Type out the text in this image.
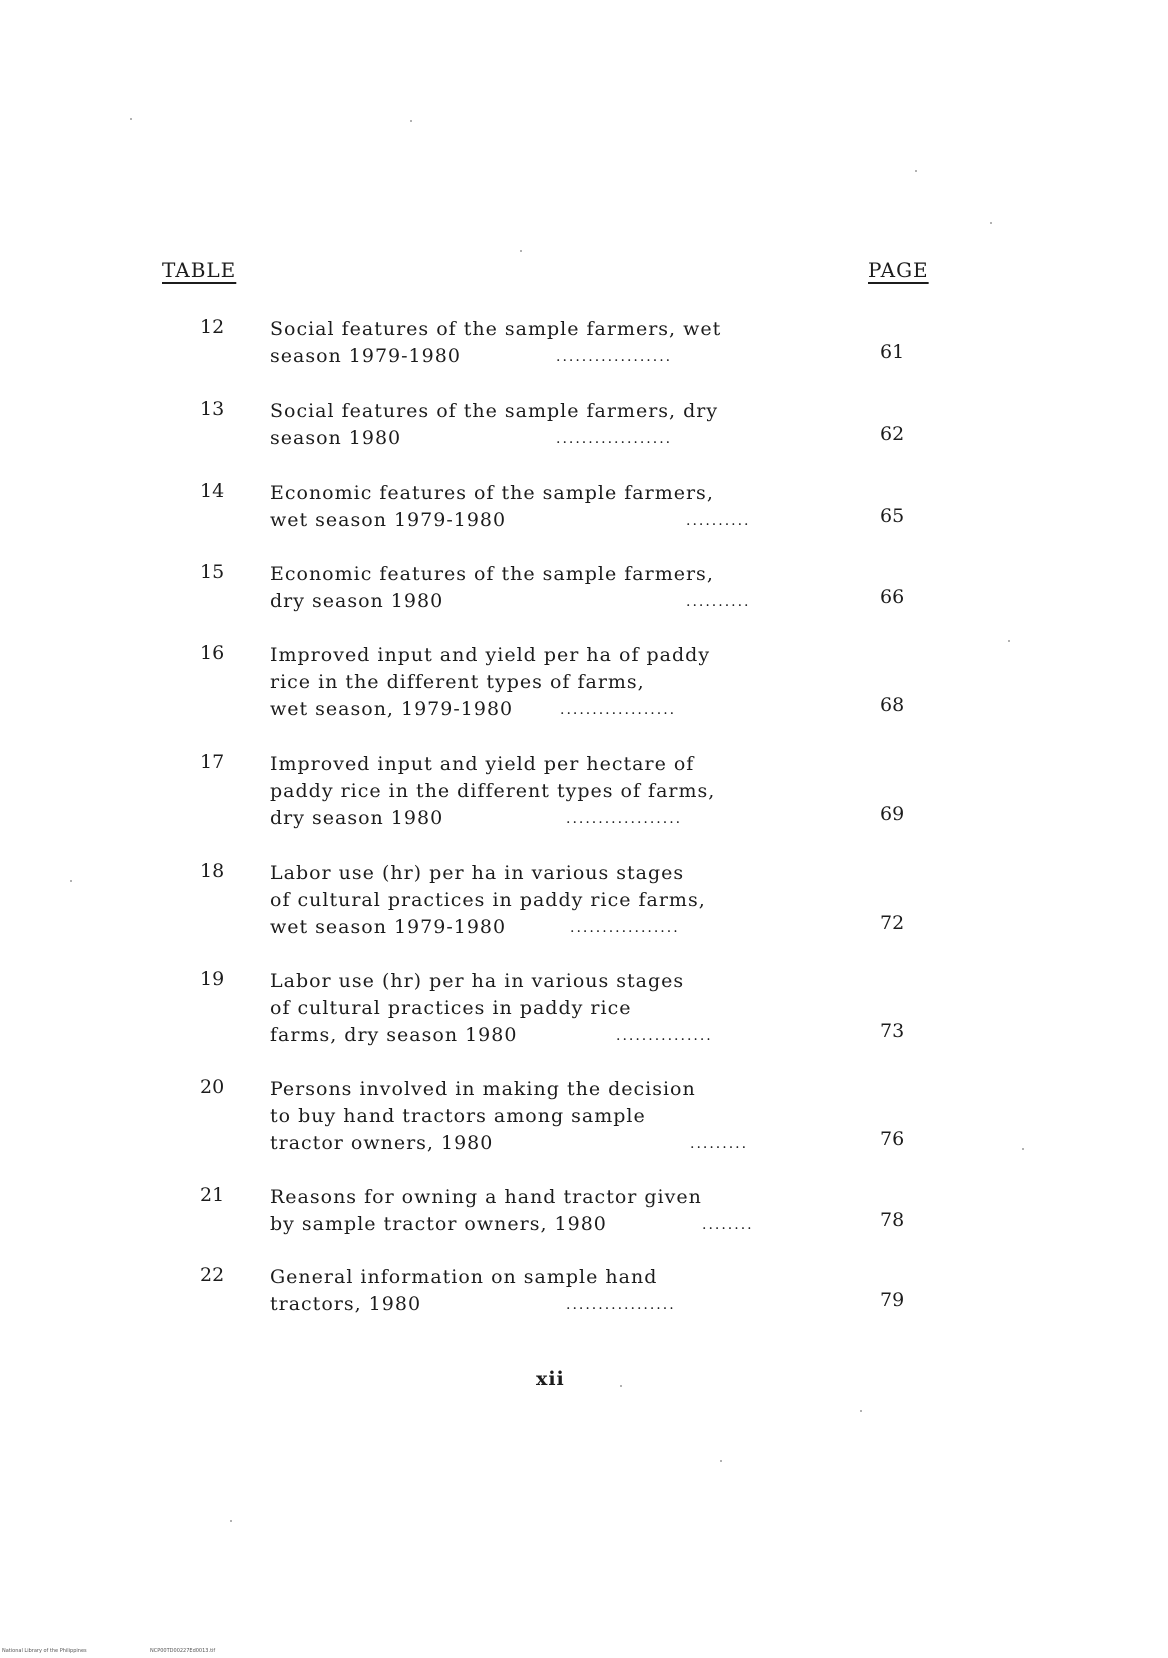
TABLE	PAGE
12 Social features of the sample farmers, wet
season 1979-1980	..................	61
13 Social features of the sample farmers, dry
season 1980	..................	62
14 Economic features of the sample farmers,
wet season 1979-1980	..........	65
15 Economic features of the sample farmers,
dry season 1980	..........	66
16 Improved input and yield per ha of paddy
rice in the different types of farms,
wet season, 1979-1980	..................	68
17 Improved input and yield per hectare of
paddy rice in the different types of farms,
dry season 1980	..................	69
18 Labor use (hr) per ha in various stages
of cultural practices in paddy rice farms,
wet season 1979-1980	.................	72
19 Labor use (hr) per ha in various stages
of cultural practices in paddy rice
farms, dry season 1980	...............	73
20 Persons involved in making the decision
to buy hand tractors among sample
tractor owners, 1980	.........	76
21 Reasons for owning a hand tractor given
by sample tractor owners, 1980	........	78
22 General information on sample hand
tractors, 1980	.................	79
xii
National Library of the Philippines	NCP00TD00227Ed0013.tif
